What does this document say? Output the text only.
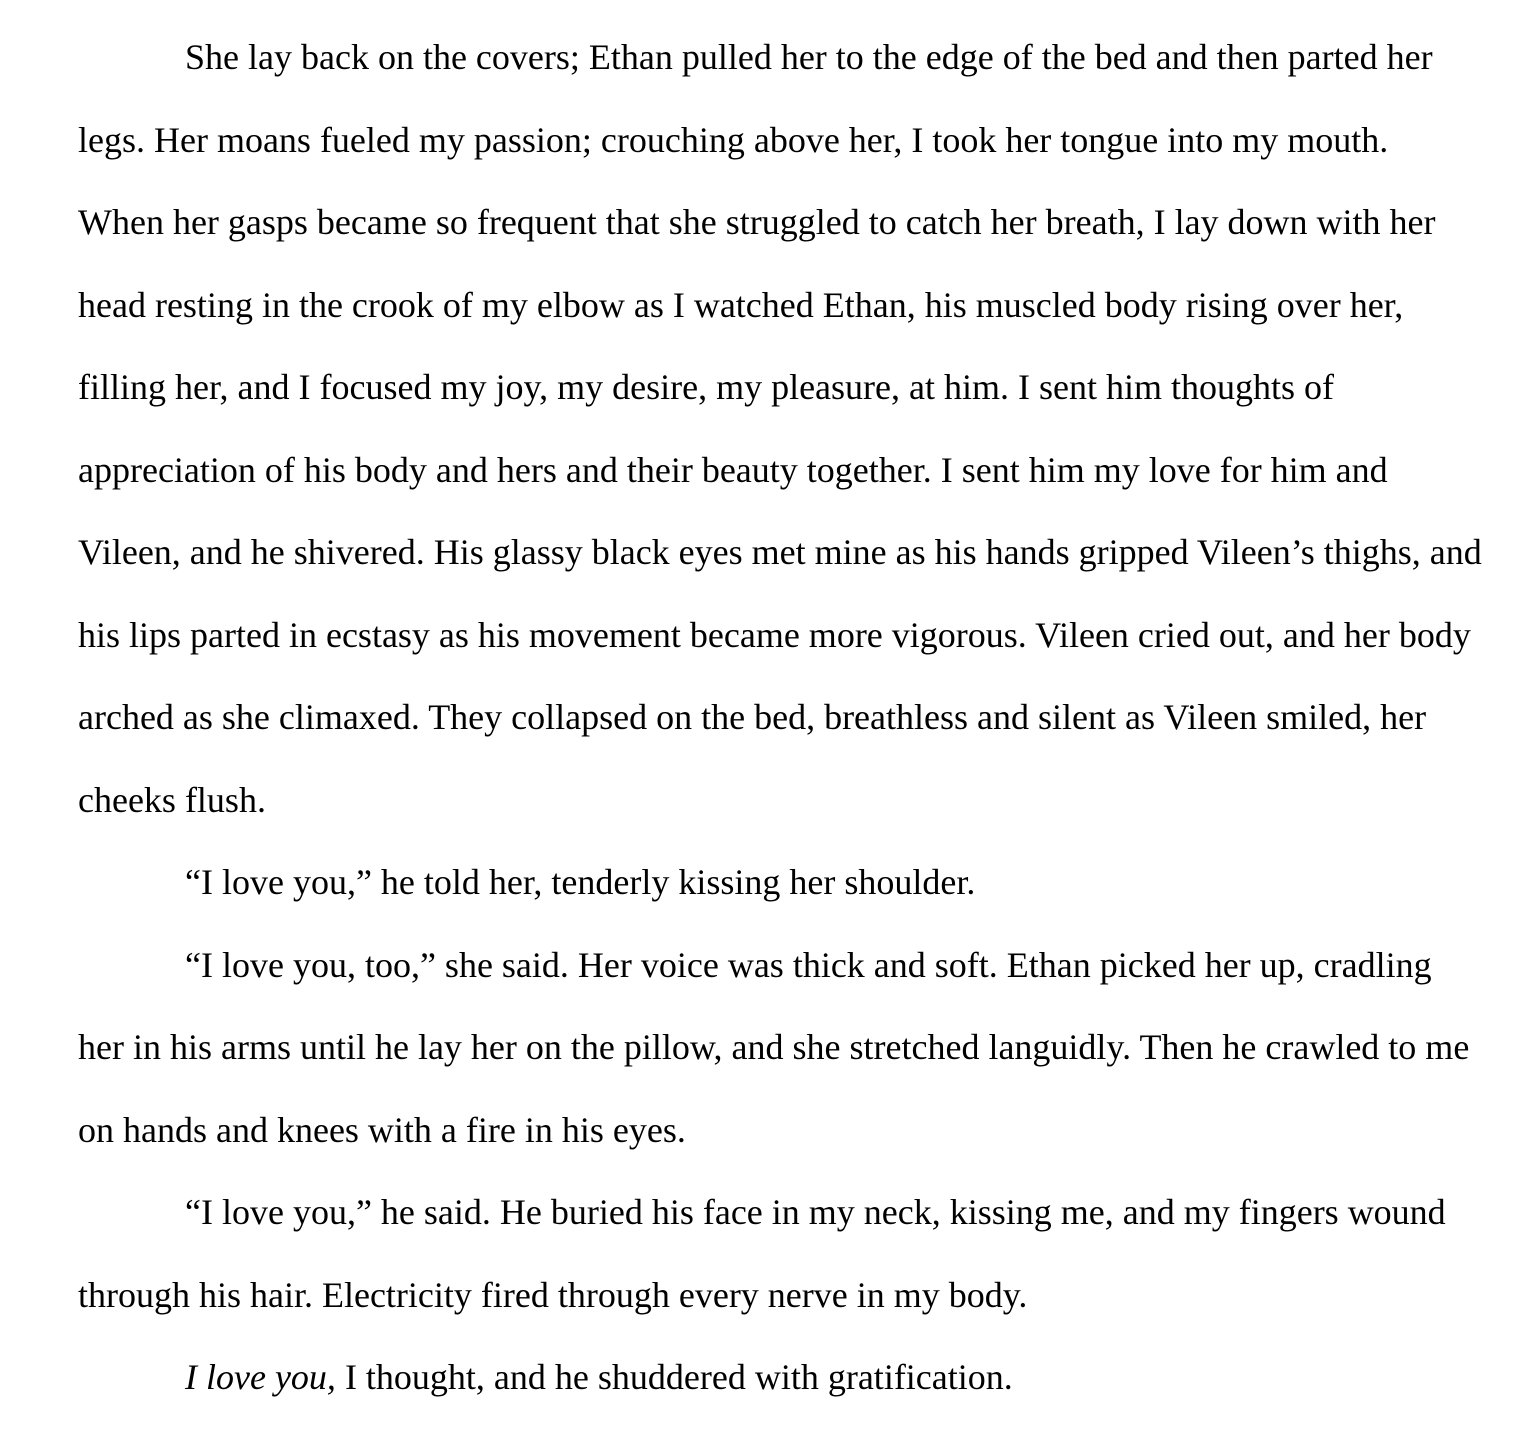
She lay back on the covers; Ethan pulled her to the edge of the bed and then parted her legs. Her moans fueled my passion; crouching above her, I took her tongue into my mouth. When her gasps became so frequent that she struggled to catch her breath, I lay down with her head resting in the crook of my elbow as I watched Ethan, his muscled body rising over her, filling her, and I focused my joy, my desire, my pleasure, at him. I sent him thoughts of appreciation of his body and hers and their beauty together. I sent him my love for him and Vileen, and he shivered. His glassy black eyes met mine as his hands gripped Vileen’s thighs, and his lips parted in ecstasy as his movement became more vigorous. Vileen cried out, and her body arched as she climaxed. They collapsed on the bed, breathless and silent as Vileen smiled, her cheeks flush.

“I love you,” he told her, tenderly kissing her shoulder.

“I love you, too,” she said. Her voice was thick and soft. Ethan picked her up, cradling her in his arms until he lay her on the pillow, and she stretched languidly. Then he crawled to me on hands and knees with a fire in his eyes.

“I love you,” he said. He buried his face in my neck, kissing me, and my fingers wound through his hair. Electricity fired through every nerve in my body.

I love you, I thought, and he shuddered with gratification.
